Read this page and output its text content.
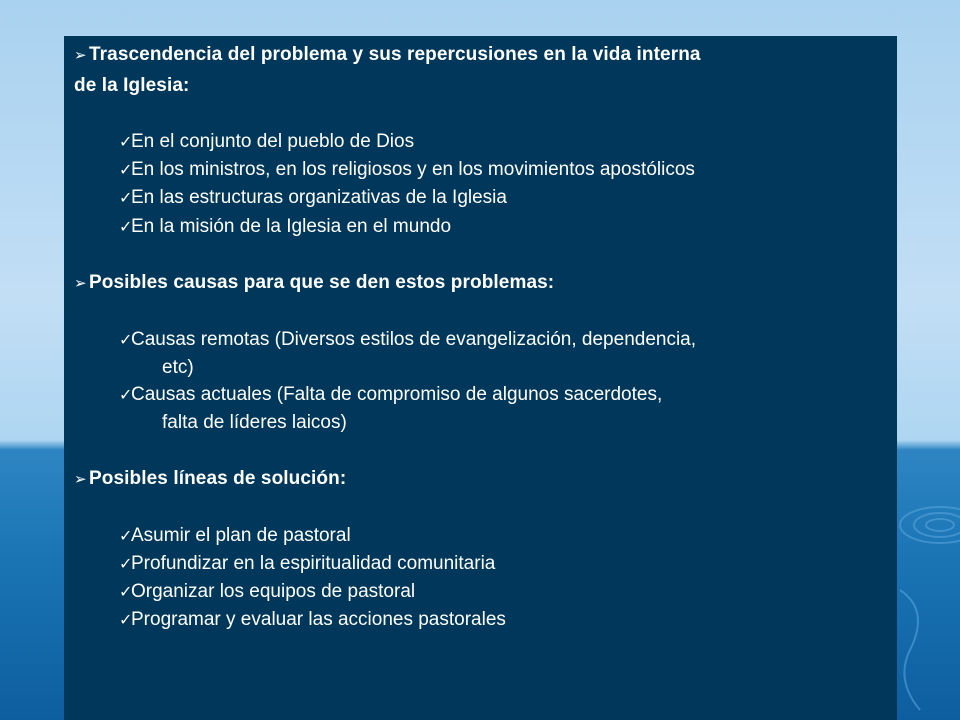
➢ Trascendencia del problema y sus repercusiones en la vida interna
de la Iglesia:
✓En el conjunto del pueblo de Dios
✓En los ministros, en los religiosos y en los movimientos apostólicos
✓En las estructuras organizativas de la Iglesia
✓En la misión de la Iglesia en el mundo
➢ Posibles causas para que se den estos problemas:
✓Causas remotas (Diversos estilos de evangelización, dependencia,
etc)
✓Causas actuales (Falta de compromiso de algunos sacerdotes,
falta de líderes laicos)
➢ Posibles líneas de solución:
✓Asumir el plan de pastoral
✓Profundizar en la espiritualidad comunitaria
✓Organizar los equipos de pastoral
✓Programar y evaluar las acciones pastorales
